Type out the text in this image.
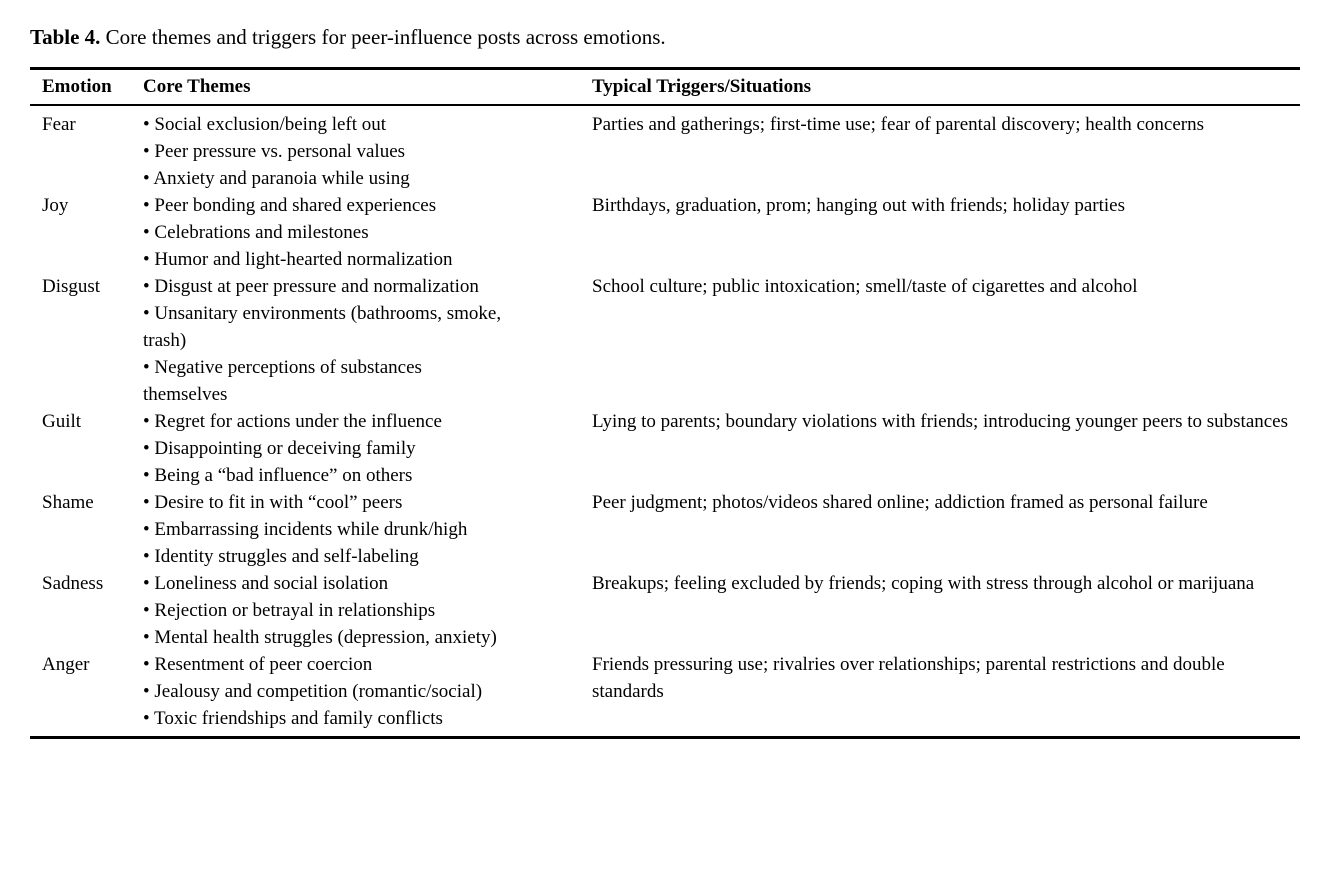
Table 4. Core themes and triggers for peer-influence posts across emotions.

Emotion	Core Themes	Typical Triggers/Situations
Fear	• Social exclusion/being left out
• Peer pressure vs. personal values
• Anxiety and paranoia while using	Parties and gatherings; first-time use; fear of parental discovery; health concerns
Joy	• Peer bonding and shared experiences
• Celebrations and milestones
• Humor and light-hearted normalization	Birthdays, graduation, prom; hanging out with friends; holiday parties
Disgust	• Disgust at peer pressure and normalization
• Unsanitary environments (bathrooms, smoke, trash)
• Negative perceptions of substances themselves	School culture; public intoxication; smell/taste of cigarettes and alcohol
Guilt	• Regret for actions under the influence
• Disappointing or deceiving family
• Being a “bad influence” on others	Lying to parents; boundary violations with friends; introducing younger peers to substances
Shame	• Desire to fit in with “cool” peers
• Embarrassing incidents while drunk/high
• Identity struggles and self-labeling	Peer judgment; photos/videos shared online; addiction framed as personal failure
Sadness	• Loneliness and social isolation
• Rejection or betrayal in relationships
• Mental health struggles (depression, anxiety)	Breakups; feeling excluded by friends; coping with stress through alcohol or marijuana
Anger	• Resentment of peer coercion
• Jealousy and competition (romantic/social)
• Toxic friendships and family conflicts	Friends pressuring use; rivalries over relationships; parental restrictions and double standards
